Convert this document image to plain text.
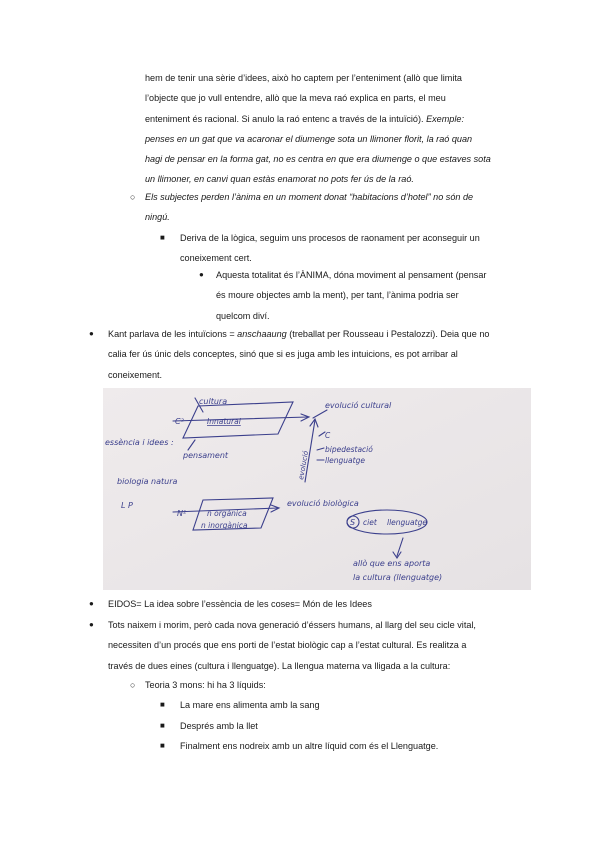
hem de tenir una sèrie d’idees, això ho captem per l’enteniment (allò que limita

l’objecte que jo vull entendre, allò que la meva raó explica en parts, el meu

enteniment és racional. Si anulo la raó entenc a través de la intuïció). Exemple:

penses en un gat que va acaronar el diumenge sota un llimoner florit, la raó quan

hagi de pensar en la forma gat, no es centra en que era diumenge o que estaves sota

un llimoner, en canvi quan estàs enamorat no pots fer ús de la raó.

○ Els subjectes perden l’ànima en un moment donat “habitacions d’hotel” no són de

ningú.

■ Deriva de la lògica, seguim uns procesos de raonament per aconseguir un

coneixement cert.

● Aquesta totalitat és l’ÀNIMA, dóna moviment al pensament (pensar

és moure objectes amb la ment), per tant, l’ànima podria ser

quelcom diví.

● Kant parlava de les intuïcions = anschaaung (treballat per Rousseau i Pestalozzi). Deia que no

calia fer ús únic dels conceptes, sinó que si es juga amb les intuicions, es pot arribar al

coneixement.

cultura
essència i idees :
C²	Innatural
evolució cultural
pensament
C
bipedestació
llenguatge
evolució
biologia natura
L P
N²	n orgànica
n inorgànica
evolució biològica
S ciet llenguatge
allò que ens aporta
la cultura (llenguatge)
● EIDOS= La idea sobre l’essència de les coses= Món de les Idees

● Tots naixem i morim, però cada nova generació d’éssers humans, al llarg del seu cicle vital,

necessiten d’un procés que ens porti de l’estat biològic cap a l’estat cultural. Es realitza a

través de dues eines (cultura i llenguatge). La llengua materna va lligada a la cultura:

○ Teoria 3 mons: hi ha 3 líquids:

■ La mare ens alimenta amb la sang

■ Després amb la llet

■ Finalment ens nodreix amb un altre líquid com és el Llenguatge.
